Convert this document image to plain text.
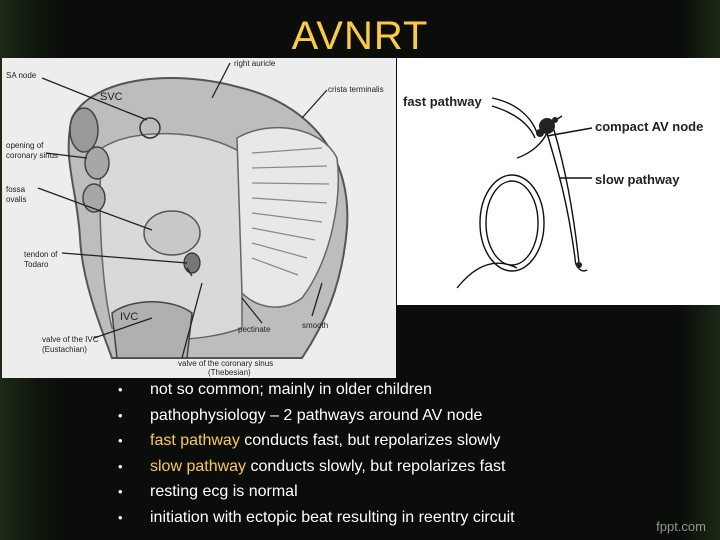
AVNRT
SA node
SVC
right auricle
crista terminalis
opening of
coronary sinus
fossa
ovalis
tendon of
Todaro
IVC
pectinate	smooth
valve of the IVC
(Eustachian)
valve of the coronary sinus
(Thebesian)
fast pathway
compact AV node
slow pathway
•	not so common; mainly in older children
•	pathophysiology – 2 pathways around AV node
•	fast pathway conducts fast, but repolarizes slowly
•	slow pathway conducts slowly, but repolarizes fast
•	resting ecg is normal
•	initiation with ectopic beat resulting in reentry circuit
fppt.com
